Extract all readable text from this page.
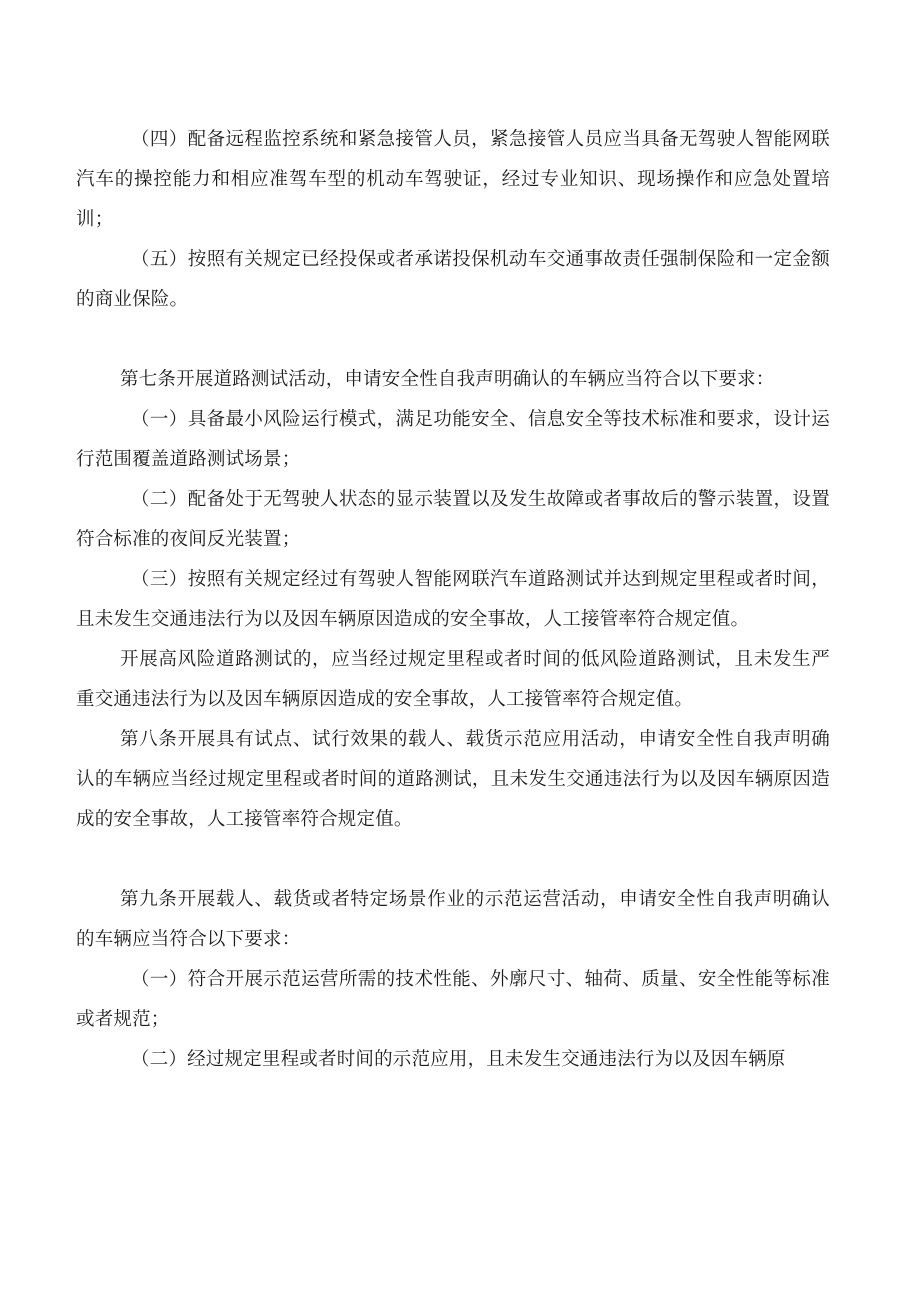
（四）配备远程监控系统和紧急接管人员，紧急接管人员应当具备无驾驶人智能网联汽车的操控能力和相应准驾车型的机动车驾驶证，经过专业知识、现场操作和应急处置培训；

（五）按照有关规定已经投保或者承诺投保机动车交通事故责任强制保险和一定金额的商业保险。

第七条开展道路测试活动，申请安全性自我声明确认的车辆应当符合以下要求：

（一）具备最小风险运行模式，满足功能安全、信息安全等技术标准和要求，设计运行范围覆盖道路测试场景；

（二）配备处于无驾驶人状态的显示装置以及发生故障或者事故后的警示装置，设置符合标准的夜间反光装置；

（三）按照有关规定经过有驾驶人智能网联汽车道路测试并达到规定里程或者时间，且未发生交通违法行为以及因车辆原因造成的安全事故，人工接管率符合规定值。

开展高风险道路测试的，应当经过规定里程或者时间的低风险道路测试，且未发生严重交通违法行为以及因车辆原因造成的安全事故，人工接管率符合规定值。

第八条开展具有试点、试行效果的载人、载货示范应用活动，申请安全性自我声明确认的车辆应当经过规定里程或者时间的道路测试，且未发生交通违法行为以及因车辆原因造成的安全事故，人工接管率符合规定值。

第九条开展载人、载货或者特定场景作业的示范运营活动，申请安全性自我声明确认的车辆应当符合以下要求：

（一）符合开展示范运营所需的技术性能、外廓尺寸、轴荷、质量、安全性能等标准或者规范；

（二）经过规定里程或者时间的示范应用，且未发生交通违法行为以及因车辆原
